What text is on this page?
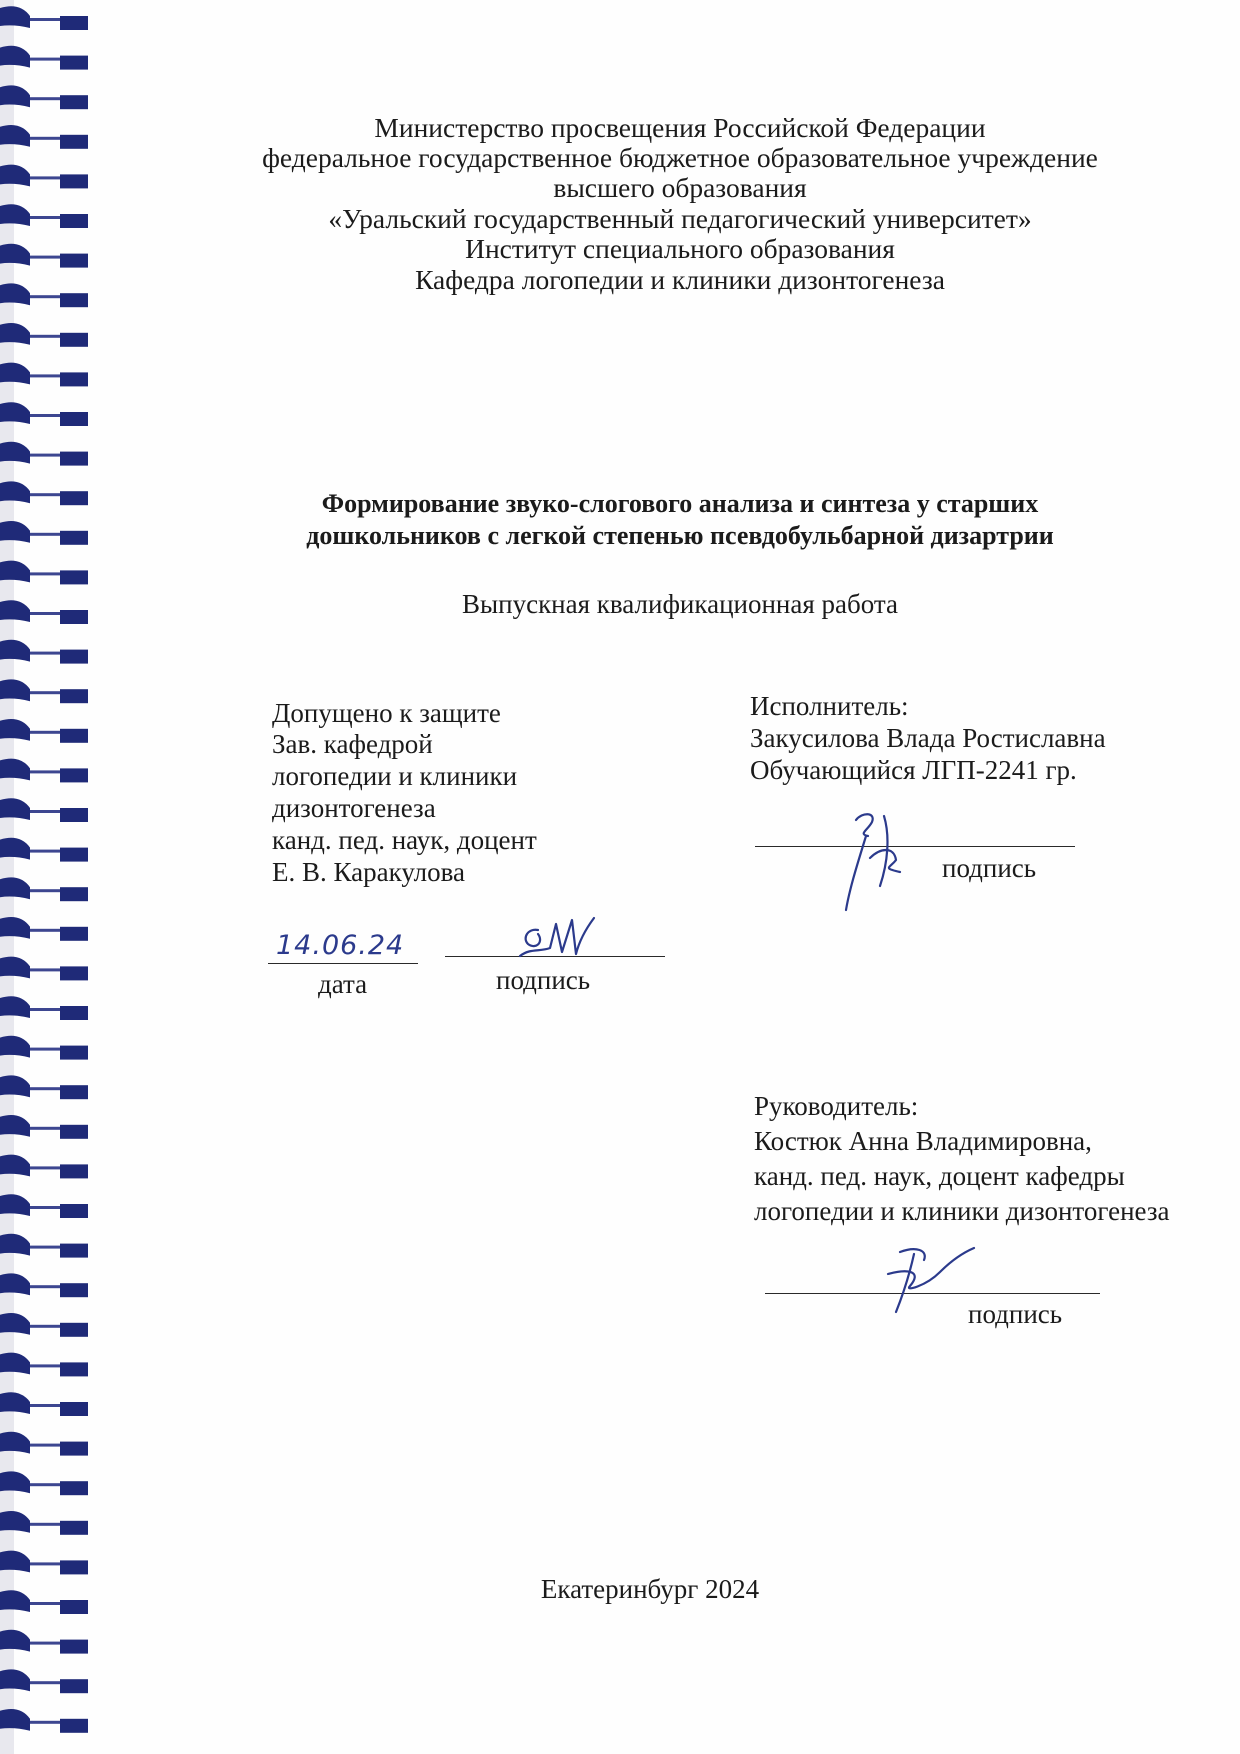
Министерство просвещения Российской Федерации
федеральное государственное бюджетное образовательное учреждение
высшего образования
«Уральский государственный педагогический университет»
Институт специального образования
Кафедра логопедии и клиники дизонтогенеза
Формирование звуко-слогового анализа и синтеза у старших
дошкольников с легкой степенью псевдобульбарной дизартрии
Выпускная квалификационная работа
Допущено к защите
Зав. кафедрой
логопедии и клиники
дизонтогенеза
канд. пед. наук, доцент
Е. В. Каракулова
14.06.24
дата	подпись
Исполнитель:
Закусилова Влада Ростиславна
Обучающийся ЛГП-2241 гр.
подпись
Руководитель:
Костюк Анна Владимировна,
канд. пед. наук, доцент кафедры
логопедии и клиники дизонтогенеза
подпись
Екатеринбург 2024
